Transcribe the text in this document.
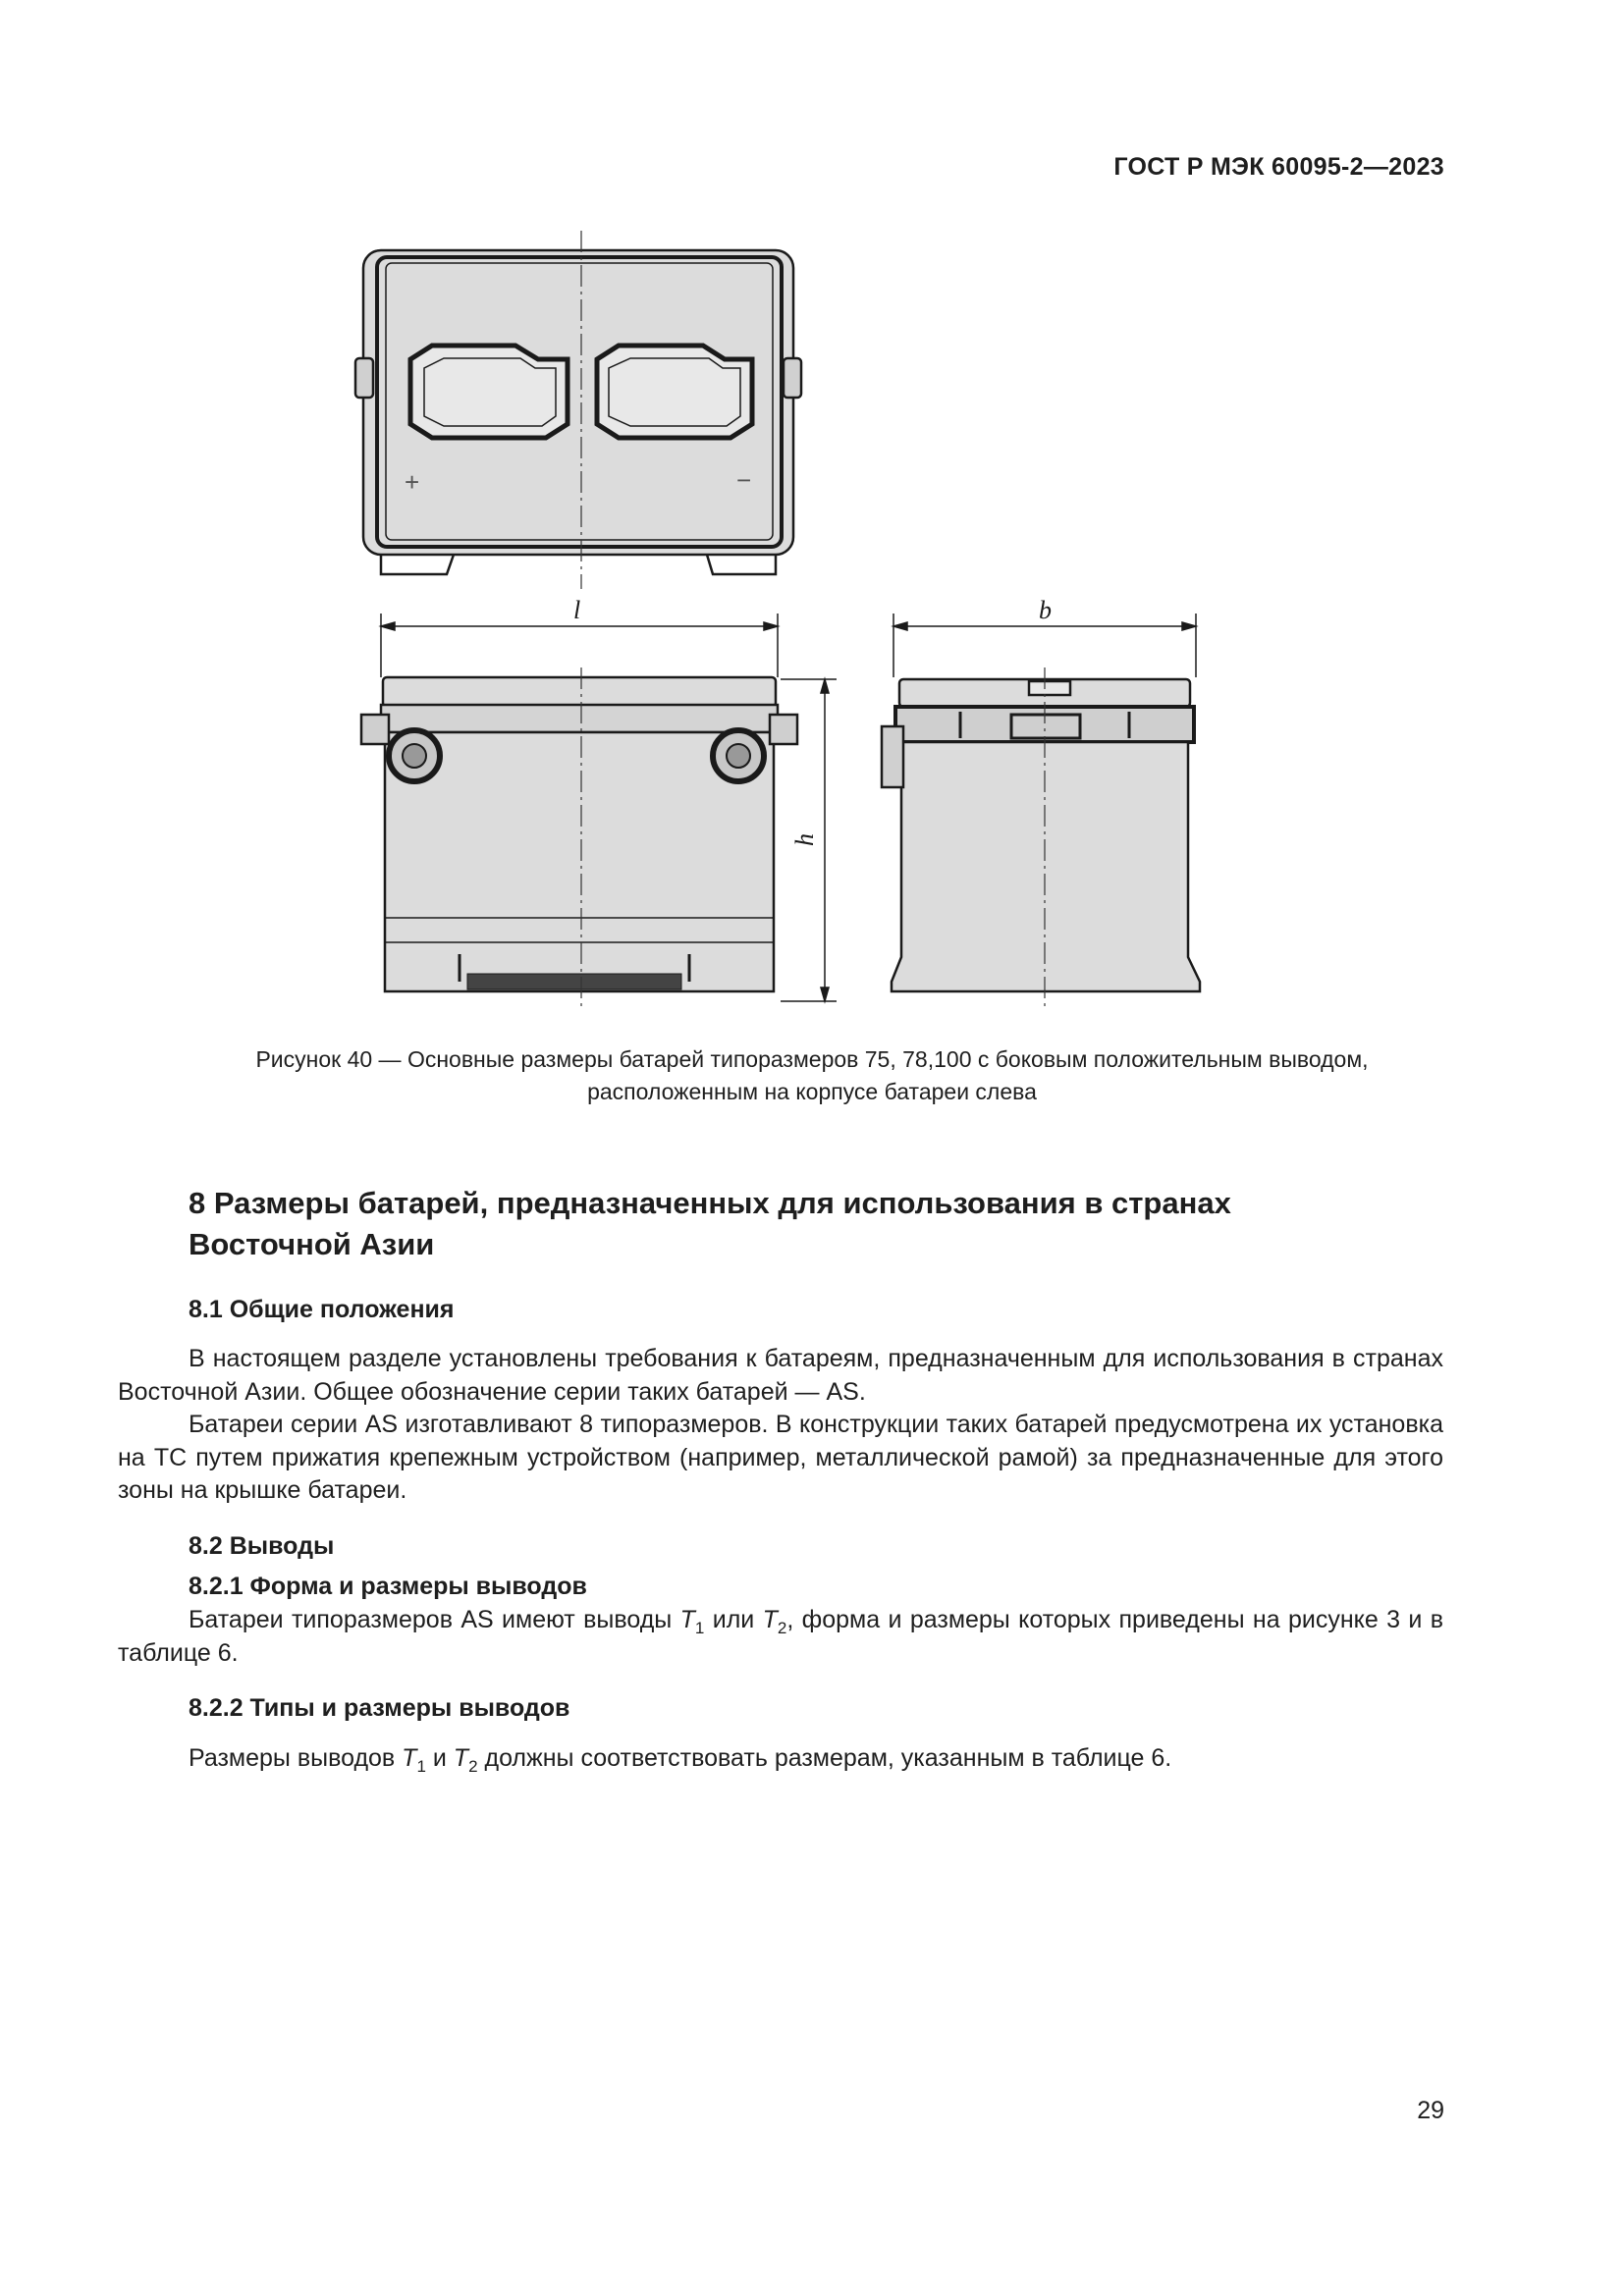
ГОСТ Р МЭК 60095-2—2023
+	−
l	b
h
Рисунок 40 — Основные размеры батарей типоразмеров 75, 78,100 с боковым положительным выводом,
расположенным на корпусе батареи слева
8 Размеры батарей, предназначенных для использования в странах
Восточной Азии
8.1 Общие положения

В настоящем разделе установлены требования к батареям, предназначенным для использования в странах Восточной Азии. Общее обозначение серии таких батарей — AS.

Батареи серии AS изготавливают 8 типоразмеров. В конструкции таких батарей предусмотрена их установка на ТС путем прижатия крепежным устройством (например, металлической рамой) за предназначенные для этого зоны на крышке батареи.

8.2 Выводы
8.2.1 Форма и размеры выводов

Батареи типоразмеров AS имеют выводы $T_1$ или $T_2$, форма и размеры которых приведены на рисунке 3 и в таблице 6.

8.2.2 Типы и размеры выводов

Размеры выводов $T_1$ и $T_2$ должны соответствовать размерам, указанным в таблице 6.

29
